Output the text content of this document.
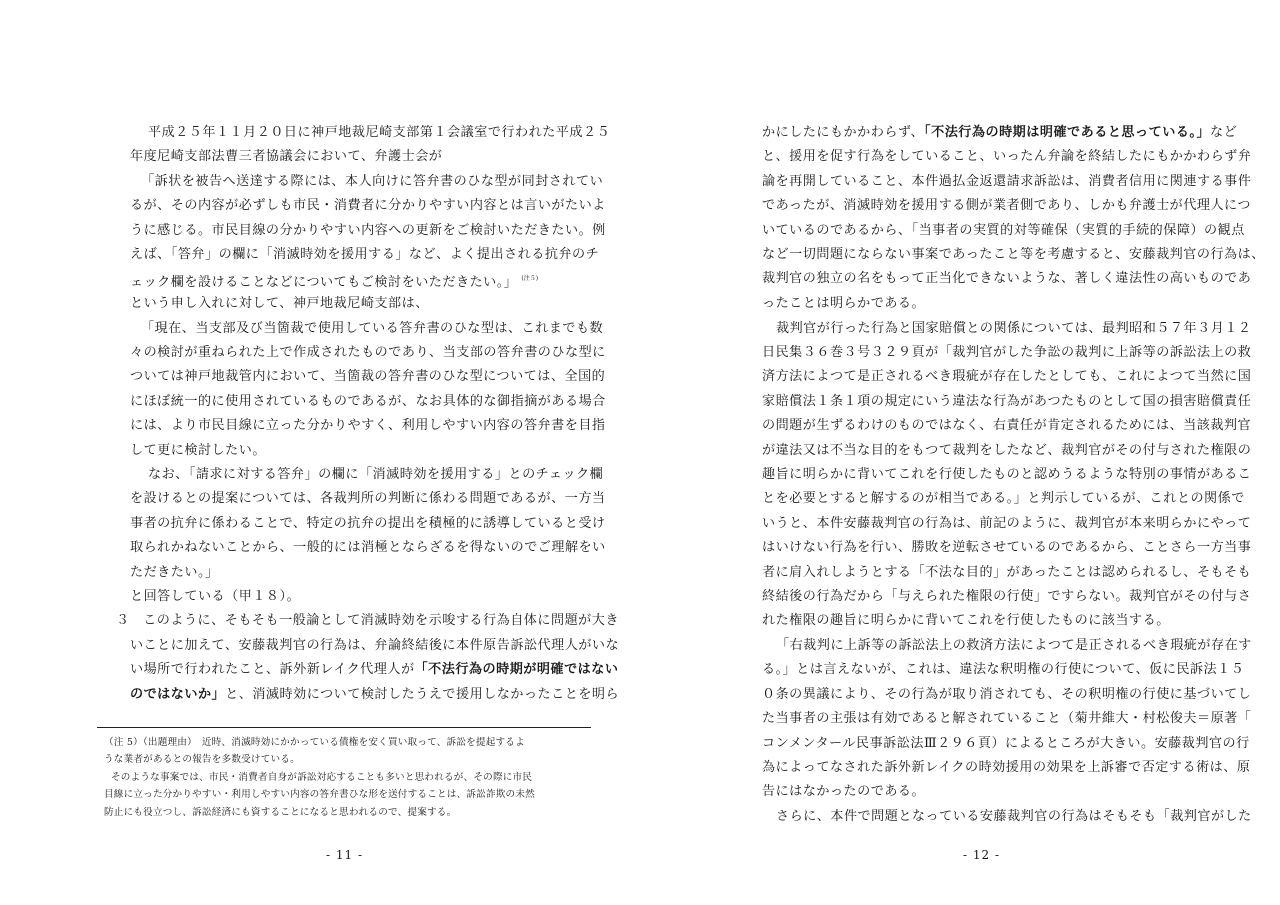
平成２５年１１月２０日に神戸地裁尼崎支部第１会議室で行われた平成２５
年度尼崎支部法曹三者協議会において、弁護士会が
「訴状を被告へ送達する際には、本人向けに答弁書のひな型が同封されてい
るが、その内容が必ずしも市民・消費者に分かりやすい内容とは言いがたいよ
うに感じる。市民目線の分かりやすい内容への更新をご検討いただきたい。例
えば、「答弁」の欄に「消滅時効を援用する」など、よく提出される抗弁のチ
ェック欄を設けることなどについてもご検討をいただきたい。」 $^{(注5)}$
という申し入れに対して、神戸地裁尼崎支部は、
「現在、当支部及び当箇裁で使用している答弁書のひな型は、これまでも数
々の検討が重ねられた上で作成されたものであり、当支部の答弁書のひな型に
ついては神戸地裁管内において、当箇裁の答弁書のひな型については、全国的
にほぼ統一的に使用されているものであるが、なお具体的な御指摘がある場合
には、より市民目線に立った分かりやすく、利用しやすい内容の答弁書を目指
して更に検討したい。
なお、「請求に対する答弁」の欄に「消滅時効を援用する」とのチェック欄
を設けるとの提案については、各裁判所の判断に係わる問題であるが、一方当
事者の抗弁に係わることで、特定の抗弁の提出を積極的に誘導していると受け
取られかねないことから、一般的には消極とならざるを得ないのでご理解をい
ただきたい。」
と回答している（甲１８）。
３　このように、そもそも一般論として消滅時効を示唆する行為自体に問題が大き
いことに加えて、安藤裁判官の行為は、弁論終結後に本件原告訴訟代理人がいな
い場所で行われたこと、訴外新レイク代理人が「不法行為の時期が明確ではない
のではないか」と、消滅時効について検討したうえで援用しなかったことを明ら
（注 5）（出題理由）　近時、消滅時効にかかっている債権を安く買い取って、訴訟を提起するよ
うな業者があるとの報告を多数受けている。
そのような事案では、市民・消費者自身が訴訟対応することも多いと思われるが、その際に市民
目線に立った分かりやすい・利用しやすい内容の答弁書ひな形を送付することは、訴訟詐欺の未然
防止にも役立つし、訴訟経済にも資することになると思われるので、提案する。
- 11 -
かにしたにもかかわらず、「不法行為の時期は明確であると思っている。」など
と、援用を促す行為をしていること、いったん弁論を終結したにもかかわらず弁
論を再開していること、本件過払金返還請求訴訟は、消費者信用に関連する事件
であったが、消滅時効を援用する側が業者側であり、しかも弁護士が代理人につ
いているのであるから、「当事者の実質的対等確保（実質的手続的保障）の観点
など一切問題にならない事案であったこと等を考慮すると、安藤裁判官の行為は、
裁判官の独立の名をもって正当化できないような、著しく違法性の高いものであ
ったことは明らかである。
裁判官が行った行為と国家賠償との関係については、最判昭和５７年３月１２
日民集３６巻３号３２９頁が「裁判官がした争訟の裁判に上訴等の訴訟法上の救
済方法によつて是正されるべき瑕疵が存在したとしても、これによつて当然に国
家賠償法１条１項の規定にいう違法な行為があつたものとして国の損害賠償責任
の問題が生ずるわけのものではなく、右責任が肯定されるためには、当該裁判官
が違法又は不当な目的をもつて裁判をしたなど、裁判官がその付与された権限の
趣旨に明らかに背いてこれを行使したものと認めうるような特別の事情があるこ
とを必要とすると解するのが相当である。」と判示しているが、これとの関係で
いうと、本件安藤裁判官の行為は、前記のように、裁判官が本来明らかにやって
はいけない行為を行い、勝敗を逆転させているのであるから、ことさら一方当事
者に肩入れしようとする「不法な目的」があったことは認められるし、そもそも
終結後の行為だから「与えられた権限の行使」ですらない。裁判官がその付与さ
れた権限の趣旨に明らかに背いてこれを行使したものに該当する。
「右裁判に上訴等の訴訟法上の救済方法によつて是正されるべき瑕疵が存在す
る。」とは言えないが、これは、違法な釈明権の行使について、仮に民訴法１５
０条の異議により、その行為が取り消されても、その釈明権の行使に基づいてし
た当事者の主張は有効であると解されていること（菊井維大・村松俊夫＝原著「
コンメンタール民事訴訟法Ⅲ２９６頁）によるところが大きい。安藤裁判官の行
為によってなされた訴外新レイクの時効援用の効果を上訴審で否定する術は、原
告にはなかったのである。
さらに、本件で問題となっている安藤裁判官の行為はそもそも「裁判官がした
- 12 -
